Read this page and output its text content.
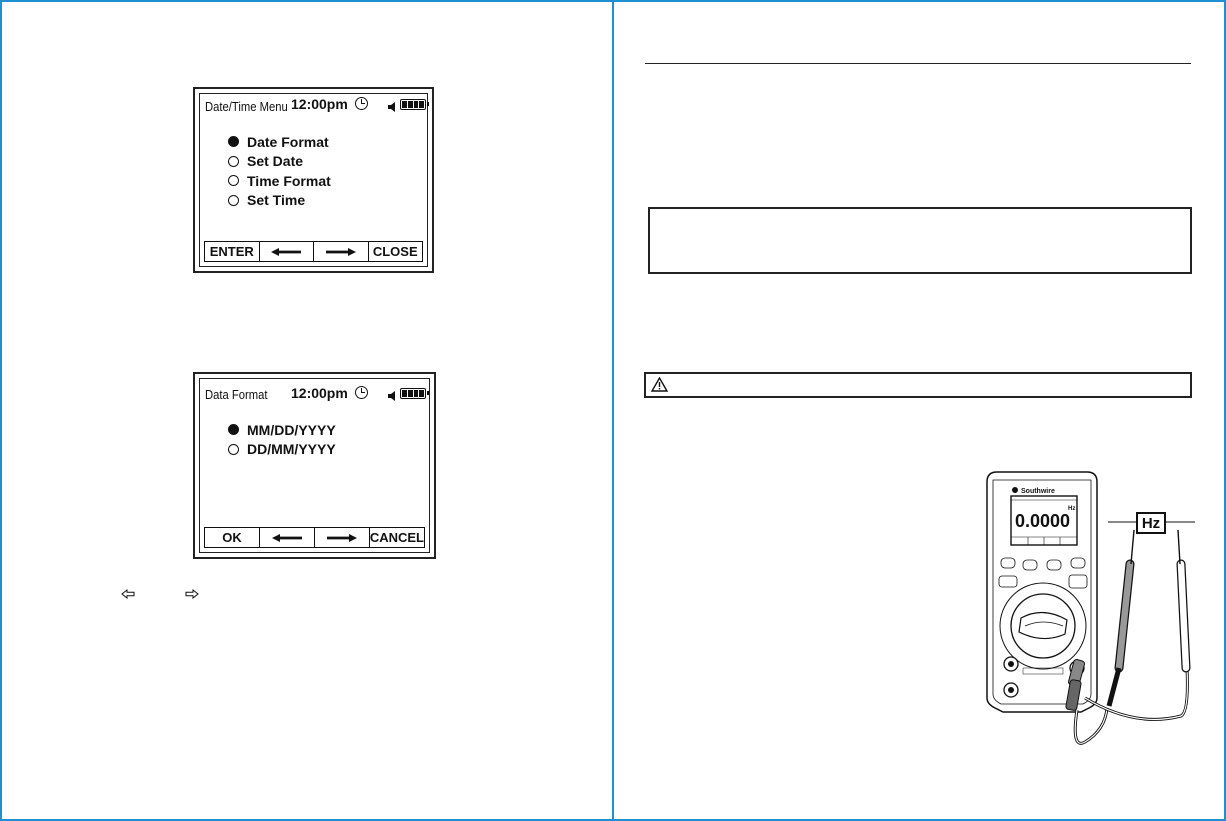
Date/Time Menu 12:00pm
Date Format
Set Date
Time Format
Set Time
ENTER	CLOSE
Data Format 12:00pm
MM/DD/YYYY
DD/MM/YYYY
OK	CANCEL
Southwire
0.0000
Hz
Hz
